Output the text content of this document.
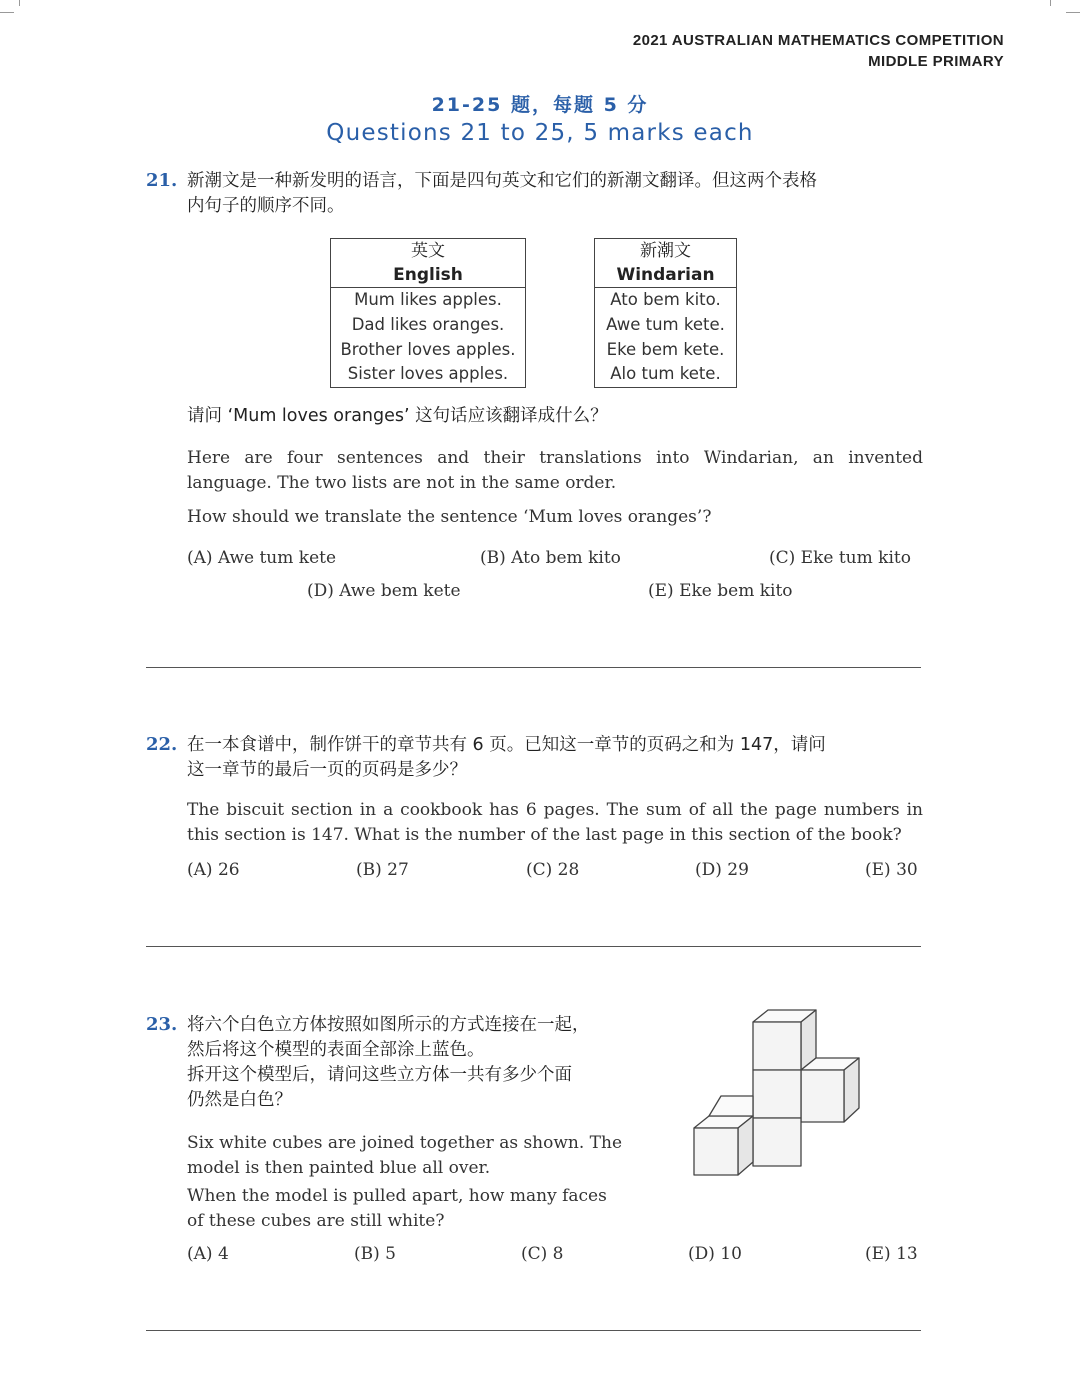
2021 AUSTRALIAN MATHEMATICS COMPETITION
MIDDLE PRIMARY
21-25 题，每题 5 分
Questions 21 to 25, 5 marks each
21. 新潮文是一种新发明的语言，下面是四句英文和它们的新潮文翻译。但这两个表格
内句子的顺序不同。
英文
English

Mum likes apples.
Dad likes oranges.
Brother loves apples.
Sister loves apples.
新潮文
Windarian

Ato bem kito.
Awe tum kete.
Eke bem kete.
Alo tum kete.
请问 ‘Mum loves oranges’ 这句话应该翻译成什么？
Here are four sentences and their translations into Windarian, an invented language. The two lists are not in the same order.
How should we translate the sentence ‘Mum loves oranges’?
(A) Awe tum kete	(B) Ato bem kito	(C) Eke tum kito
(D) Awe bem kete	(E) Eke bem kito
22. 在一本食谱中，制作饼干的章节共有 6 页。已知这一章节的页码之和为 147，请问
这一章节的最后一页的页码是多少？
The biscuit section in a cookbook has 6 pages. The sum of all the page numbers in this section is 147. What is the number of the last page in this section of the book?
(A) 26	(B) 27	(C) 28	(D) 29	(E) 30
23. 将六个白色立方体按照如图所示的方式连接在一起，
然后将这个模型的表面全部涂上蓝色。
拆开这个模型后，请问这些立方体一共有多少个面
仍然是白色？
Six white cubes are joined together as shown. The model is then painted blue all over.
When the model is pulled apart, how many faces of these cubes are still white?
(A) 4	(B) 5	(C) 8	(D) 10	(E) 13
